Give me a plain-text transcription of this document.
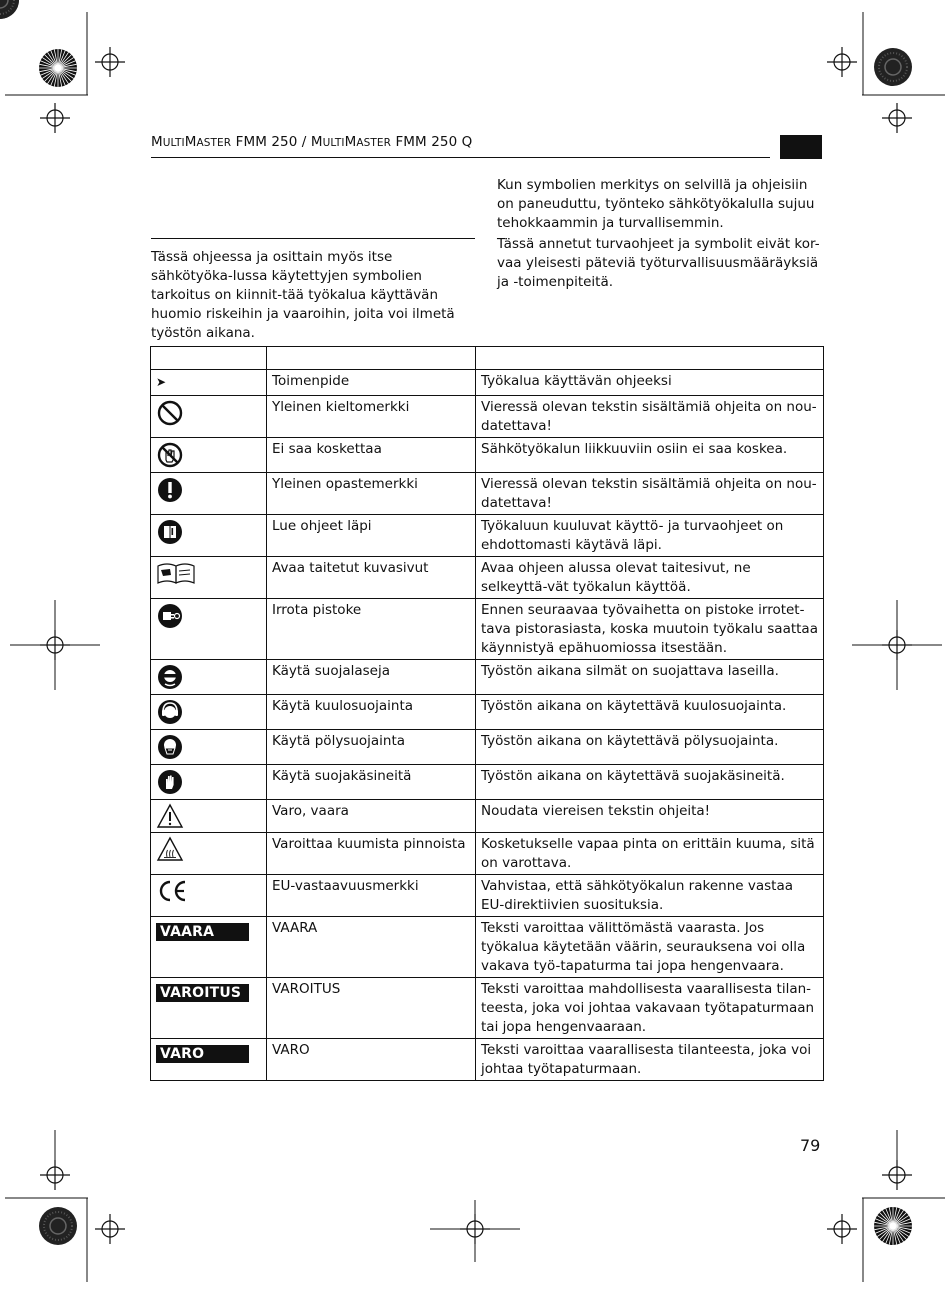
MULTIMASTER FMM 250 / MULTIMASTER FMM 250 Q

Tässä ohjeessa ja osittain myös itse sähkötyöka-lussa käytettyjen symbolien tarkoitus on kiinnit-tää työkalua käyttävän huomio riskeihin ja vaaroihin, joita voi ilmetä työstön aikana.

Kun symbolien merkitys on selvillä ja ohjeisiin on paneuduttu, työnteko sähkötyökalulla sujuu tehokkaammin ja turvallisemmin.

Tässä annetut turvaohjeet ja symbolit eivät kor-vaa yleisesti päteviä työturvallisuusmääräyksiä ja -toimenpiteitä.

➤	Toimenpide	Työkalua käyttävän ohjeeksi

	Yleinen kieltomerkki	Vieressä olevan tekstin sisältämiä ohjeita on nou-datettava!

	Ei saa koskettaa	Sähkötyökalun liikkuuviin osiin ei saa koskea.

	Yleinen opastemerkki	Vieressä olevan tekstin sisältämiä ohjeita on nou-datettava!

	Lue ohjeet läpi	Työkaluun kuuluvat käyttö- ja turvaohjeet on ehdottomasti käytävä läpi.

	Avaa taitetut kuvasivut	Avaa ohjeen alussa olevat taitesivut, ne selkeyttä-vät työkalun käyttöä.

	Irrota pistoke	Ennen seuraavaa työvaihetta on pistoke irrotet-tava pistorasiasta, koska muutoin työkalu saattaa käynnistyä epähuomiossa itsestään.

	Käytä suojalaseja	Työstön aikana silmät on suojattava laseilla.

	Käytä kuulosuojainta	Työstön aikana on käytettävä kuulosuojainta.

	Käytä pölysuojainta	Työstön aikana on käytettävä pölysuojainta.

	Käytä suojakäsineitä	Työstön aikana on käytettävä suojakäsineitä.

	Varo, vaara	Noudata viereisen tekstin ohjeita!

	Varoittaa kuumista pinnoista	Kosketukselle vapaa pinta on erittäin kuuma, sitä on varottava.

	EU-vastaavuusmerkki	Vahvistaa, että sähkötyökalun rakenne vastaa EU-direktiivien suosituksia.
VAARA	VAARA	Teksti varoittaa välittömästä vaarasta. Jos työkalua käytetään väärin, seurauksena voi olla vakava työ-tapaturma tai jopa hengenvaara.
VAROITUS	VAROITUS	Teksti varoittaa mahdollisesta vaarallisesta tilan-teesta, joka voi johtaa vakavaan työtapaturmaan tai jopa hengenvaaraan.
VARO	VARO	Teksti varoittaa vaarallisesta tilanteesta, joka voi johtaa työtapaturmaan.
79
